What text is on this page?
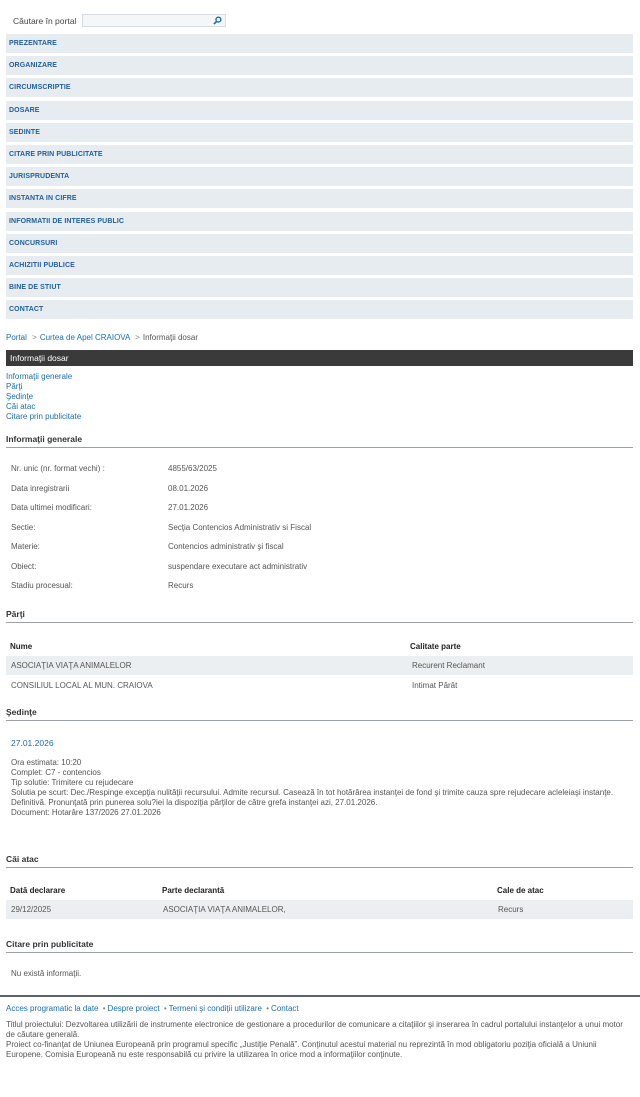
Căutare în portal
PREZENTARE
ORGANIZARE
CIRCUMSCRIPTIE
DOSARE
SEDINTE
CITARE PRIN PUBLICITATE
JURISPRUDENTA
INSTANTA IN CIFRE
INFORMATII DE INTERES PUBLIC
CONCURSURI
ACHIZITII PUBLICE
BINE DE STIUT
CONTACT
Portal > Curtea de Apel CRAIOVA > Informaţii dosar
Informaţii dosar
Informaţii generale
Părţi
Şedinţe
Căi atac
Citare prin publicitate
Informaţii generale
Nr. unic (nr. format vechi) :	4855/63/2025
Data inregistrarii	08.01.2026
Data ultimei modificari:	27.01.2026
Sectie:	Secţia Contencios Administrativ si Fiscal
Materie:	Contencios administrativ şi fiscal
Obiect:	suspendare executare act administrativ
Stadiu procesual:	Recurs
Părţi
Nume	Calitate parte
ASOCIAŢIA VIAŢA ANIMALELOR	Recurent Reclamant
CONSILIUL LOCAL AL MUN. CRAIOVA	Intimat Pârât
Şedinţe
27.01.2026
Ora estimata: 10:20
Complet: C7 - contencios
Tip solutie: Trimitere cu rejudecare
Solutia pe scurt: Dec./Respinge excepţia nulităţii recursului. Admite recursul. Casează în tot hotărârea instanţei de fond şi trimite cauza spre rejudecare acleleiaşi instanţe. Definitivă. Pronunţată prin punerea solu?iei la dispoziţia părţilor de către grefa instanţei azi, 27.01.2026.
Document: Hotarâre 137/2026 27.01.2026
Căi atac
Dată declarare	Parte declarantă	Cale de atac
29/12/2025	ASOCIAŢIA VIAŢA ANIMALELOR,	Recurs
Citare prin publicitate
Nu există informaţii.
Acces programatic la date • Despre proiect • Termeni şi condiţii utilizare • Contact
Titlul proiectului: Dezvoltarea utilizării de instrumente electronice de gestionare a procedurilor de comunicare a citaţiilor şi inserarea în cadrul portalului instanţelor a unui motor de căutare generală.
Proiect co-finanţat de Uniunea Europeană prin programul specific „Justiţie Penală”. Conţinutul acestui material nu reprezintă în mod obligatoriu poziţia oficială a Uniunii Europene. Comisia Europeană nu este responsabilă cu privire la utilizarea în orice mod a informaţiilor conţinute.
